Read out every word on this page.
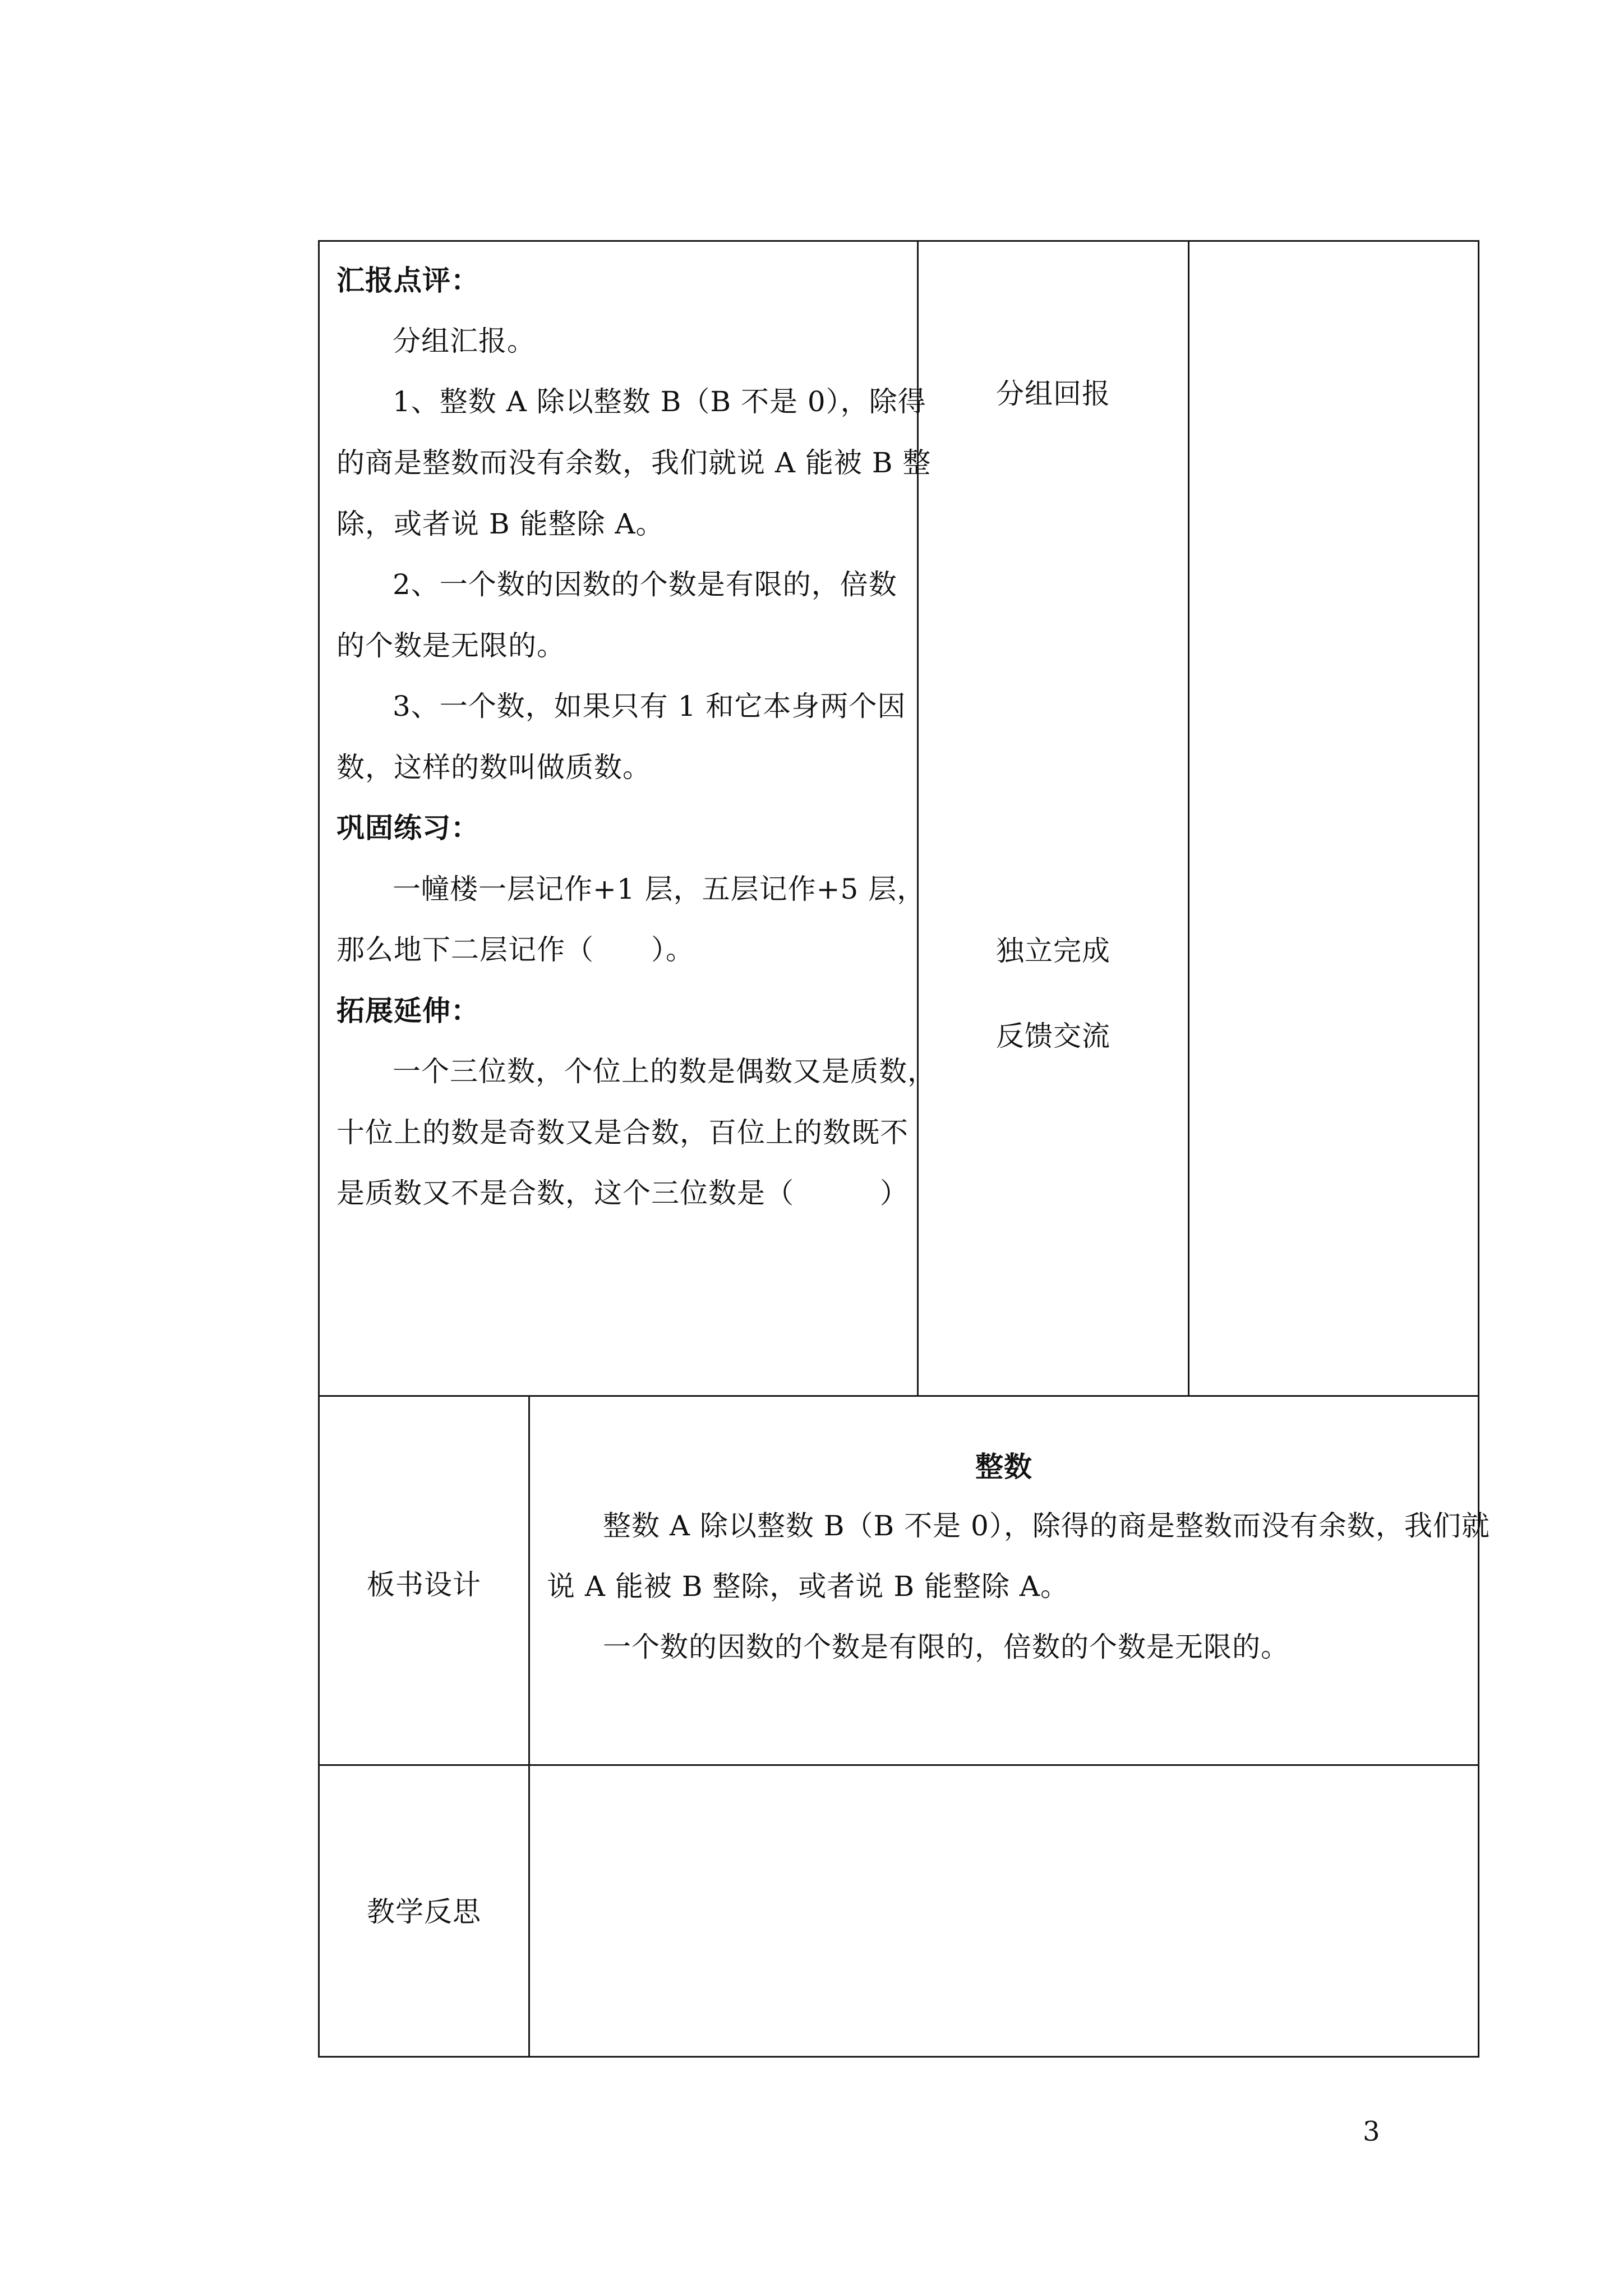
汇报点评：
分组汇报。
1、整数 A 除以整数 B（B 不是 0），除得
的商是整数而没有余数，我们就说 A 能被 B 整
除，或者说 B 能整除 A。
2、一个数的因数的个数是有限的，倍数
的个数是无限的。
3、一个数，如果只有 1 和它本身两个因
数，这样的数叫做质数。
巩固练习：
一幢楼一层记作+1 层，五层记作+5 层，
那么地下二层记作（　　）。
拓展延伸：
一个三位数，个位上的数是偶数又是质数，
十位上的数是奇数又是合数，百位上的数既不
是质数又不是合数，这个三位数是（　　　）
分组回报
独立完成
反馈交流
板书设计
整数
整数 A 除以整数 B（B 不是 0），除得的商是整数而没有余数，我们就
说 A 能被 B 整除，或者说 B 能整除 A。
一个数的因数的个数是有限的，倍数的个数是无限的。
教学反思
3
